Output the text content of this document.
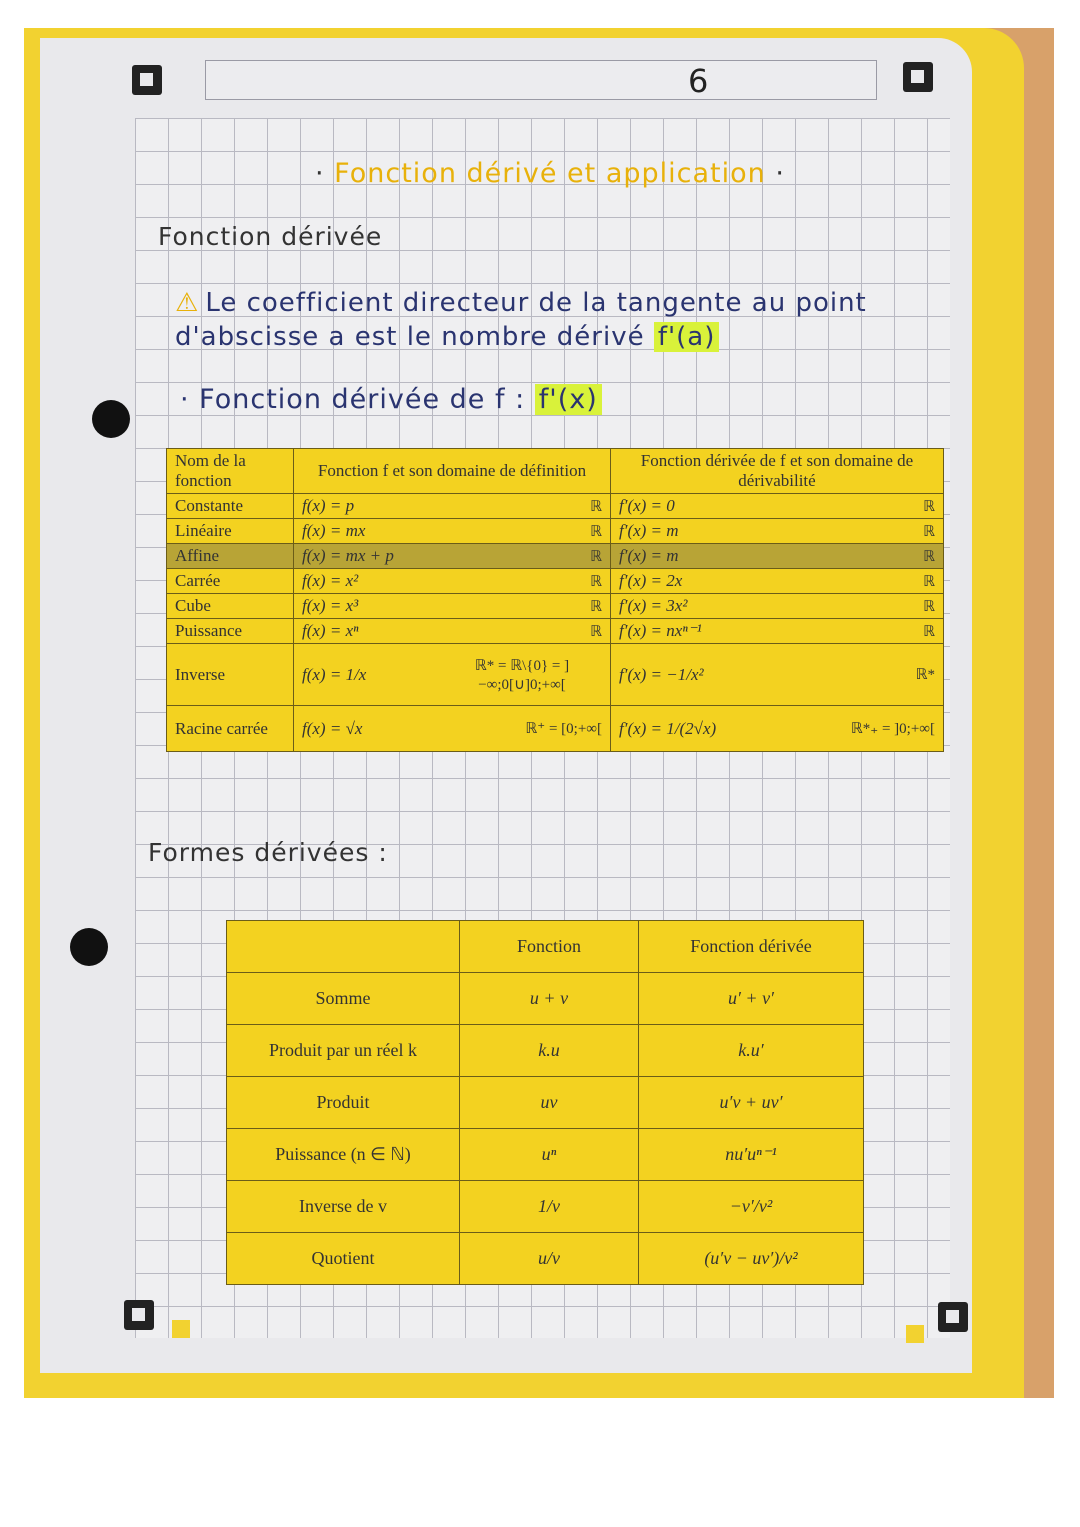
6
· Fonction dérivé et application ·
Fonction dérivée
⚠ Le coefficient directeur de la tangente au point d'abscisse a est le nombre dérivé f'(a)
· Fonction dérivée de f : f'(x)
Nom de la fonction	Fonction f et son domaine de définition	Fonction dérivée de f et son domaine de dérivabilité
Constante	f(x) = p ℝ	f′(x) = 0 ℝ

Linéaire	f(x) = mx ℝ	f′(x) = m ℝ

Affine	f(x) = mx + p ℝ	f′(x) = m ℝ

Carrée	f(x) = x² ℝ	f′(x) = 2x ℝ

Cube	f(x) = x³ ℝ	f′(x) = 3x² ℝ

Puissance	f(x) = xⁿ ℝ	f′(x) = nxⁿ⁻¹ ℝ

Inverse	f(x) = 1/x ℝ* = ℝ\{0} = ]−∞;0[∪]0;+∞[	f′(x) = −1/x² ℝ*

Racine carrée	f(x) = √x ℝ⁺ = [0;+∞[	f′(x) = 1/(2√x) ℝ*₊ = ]0;+∞[
Formes dérivées :
	Fonction	Fonction dérivée
Somme	u + v	u′ + v′
Produit par un réel k	k.u	k.u′
Produit	uv	u′v + uv′
Puissance (n ∈ ℕ)	uⁿ	nu′uⁿ⁻¹
Inverse de v	1/v	−v′/v²
Quotient	u/v	(u′v − uv′)/v²
